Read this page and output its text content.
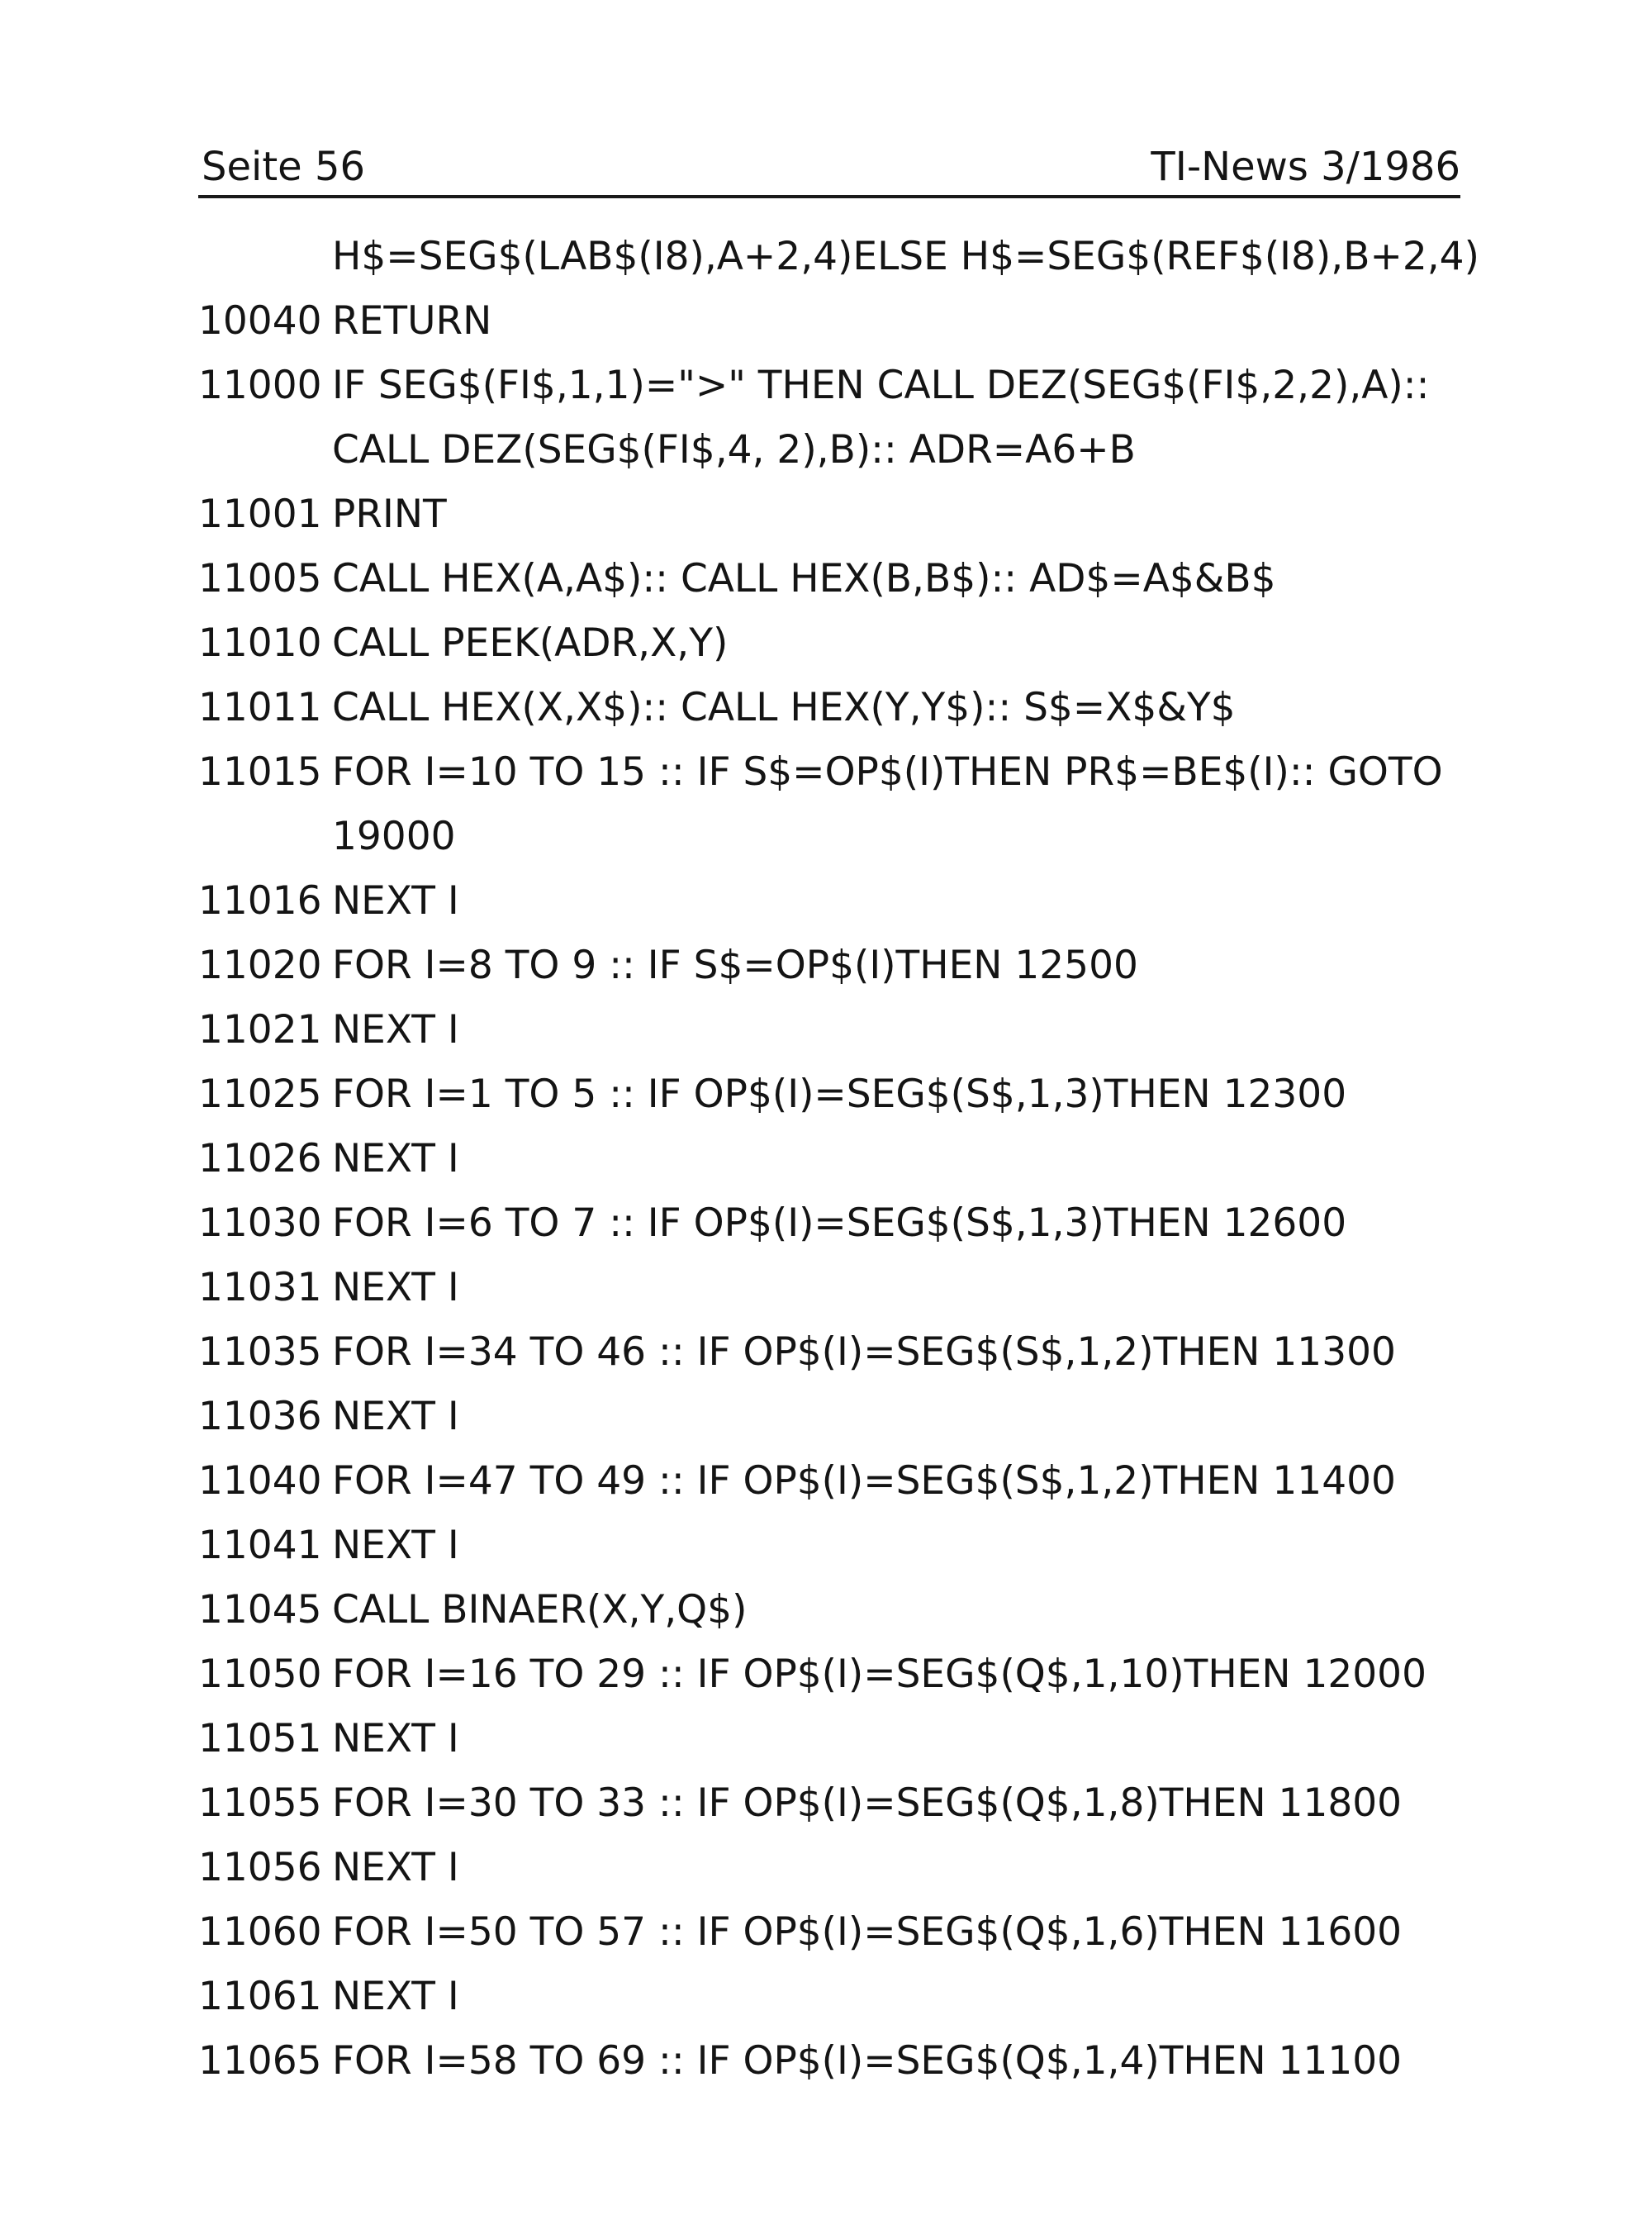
Seite 56	TI-News 3/1986
H$=SEG$(LAB$(I8),A+2,4)ELSE H$=SEG$(REF$(I8),B+2,4)
10040 RETURN
11000 IF SEG$(FI$,1,1)=">" THEN CALL DEZ(SEG$(FI$,2,2),A)::
CALL DEZ(SEG$(FI$,4, 2),B):: ADR=A6+B
11001 PRINT
11005 CALL HEX(A,A$):: CALL HEX(B,B$):: AD$=A$&B$
11010 CALL PEEK(ADR,X,Y)
11011 CALL HEX(X,X$):: CALL HEX(Y,Y$):: S$=X$&Y$
11015 FOR I=10 TO 15 :: IF S$=OP$(I)THEN PR$=BE$(I):: GOTO
19000
11016 NEXT I
11020 FOR I=8 TO 9 :: IF S$=OP$(I)THEN 12500
11021 NEXT I
11025 FOR I=1 TO 5 :: IF OP$(I)=SEG$(S$,1,3)THEN 12300
11026 NEXT I
11030 FOR I=6 TO 7 :: IF OP$(I)=SEG$(S$,1,3)THEN 12600
11031 NEXT I
11035 FOR I=34 TO 46 :: IF OP$(I)=SEG$(S$,1,2)THEN 11300
11036 NEXT I
11040 FOR I=47 TO 49 :: IF OP$(I)=SEG$(S$,1,2)THEN 11400
11041 NEXT I
11045 CALL BINAER(X,Y,Q$)
11050 FOR I=16 TO 29 :: IF OP$(I)=SEG$(Q$,1,10)THEN 12000
11051 NEXT I
11055 FOR I=30 TO 33 :: IF OP$(I)=SEG$(Q$,1,8)THEN 11800
11056 NEXT I
11060 FOR I=50 TO 57 :: IF OP$(I)=SEG$(Q$,1,6)THEN 11600
11061 NEXT I
11065 FOR I=58 TO 69 :: IF OP$(I)=SEG$(Q$,1,4)THEN 11100
